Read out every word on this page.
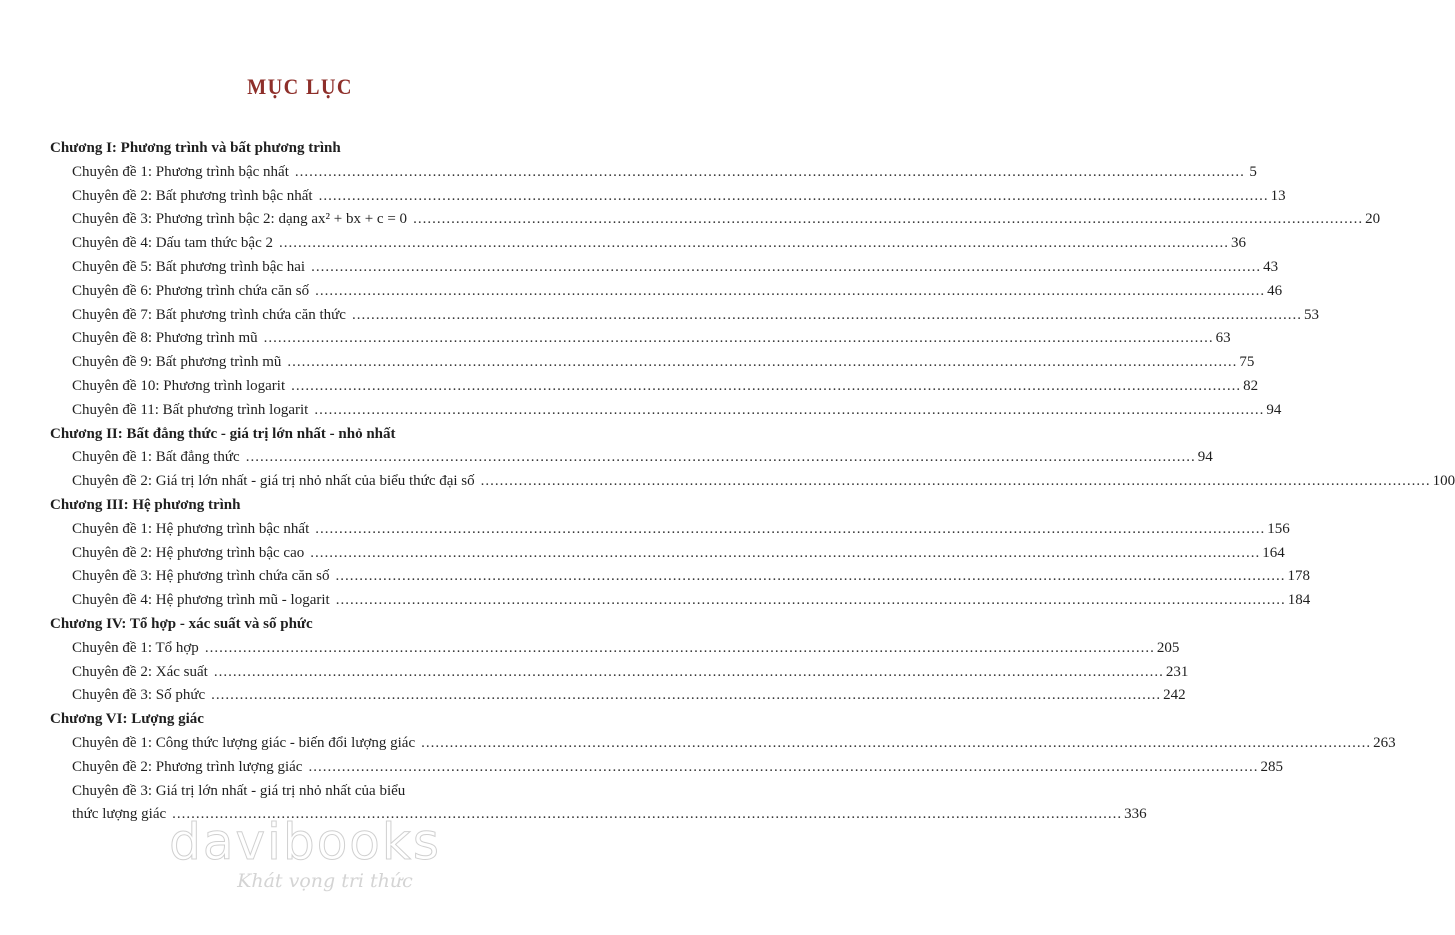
MỤC LỤC
Chương I: Phương trình và bất phương trình
Chuyên đề 1: Phương trình bậc nhất ........................................................................................................................................................................................................ 5
Chuyên đề 2: Bất phương trình bậc nhất ........................................................................................................................................................................................................ 13
Chuyên đề 3: Phương trình bậc 2: dạng ax² + bx + c = 0 ........................................................................................................................................................................................................ 20
Chuyên đề 4: Dấu tam thức bậc 2 ........................................................................................................................................................................................................ 36
Chuyên đề 5: Bất phương trình bậc hai ........................................................................................................................................................................................................ 43
Chuyên đề 6: Phương trình chứa căn số ........................................................................................................................................................................................................ 46
Chuyên đề 7: Bất phương trình chứa căn thức ........................................................................................................................................................................................................ 53
Chuyên đề 8: Phương trình mũ ........................................................................................................................................................................................................ 63
Chuyên đề 9: Bất phương trình mũ ........................................................................................................................................................................................................ 75
Chuyên đề 10: Phương trình logarit ........................................................................................................................................................................................................ 82
Chuyên đề 11: Bất phương trình logarit ........................................................................................................................................................................................................ 94
Chương II: Bất đẳng thức - giá trị lớn nhất - nhỏ nhất
Chuyên đề 1: Bất đẳng thức ........................................................................................................................................................................................................ 94
Chuyên đề 2: Giá trị lớn nhất - giá trị nhỏ nhất của biểu thức đại số ........................................................................................................................................................................................................ 100
Chương III: Hệ phương trình
Chuyên đề 1: Hệ phương trình bậc nhất ........................................................................................................................................................................................................ 156
Chuyên đề 2: Hệ phương trình bậc cao ........................................................................................................................................................................................................ 164
Chuyên đề 3: Hệ phương trình chứa căn số ........................................................................................................................................................................................................ 178
Chuyên đề 4: Hệ phương trình mũ - logarit ........................................................................................................................................................................................................ 184
Chương IV: Tổ hợp - xác suất và số phức
Chuyên đề 1: Tổ hợp ........................................................................................................................................................................................................ 205
Chuyên đề 2: Xác suất ........................................................................................................................................................................................................ 231
Chuyên đề 3: Số phức ........................................................................................................................................................................................................ 242
Chương VI: Lượng giác
Chuyên đề 1: Công thức lượng giác - biến đổi lượng giác ........................................................................................................................................................................................................ 263
Chuyên đề 2: Phương trình lượng giác ........................................................................................................................................................................................................ 285
Chuyên đề 3: Giá trị lớn nhất - giá trị nhỏ nhất của biểu
thức lượng giác ........................................................................................................................................................................................................ 336
davibooks
Khát vọng tri thức
